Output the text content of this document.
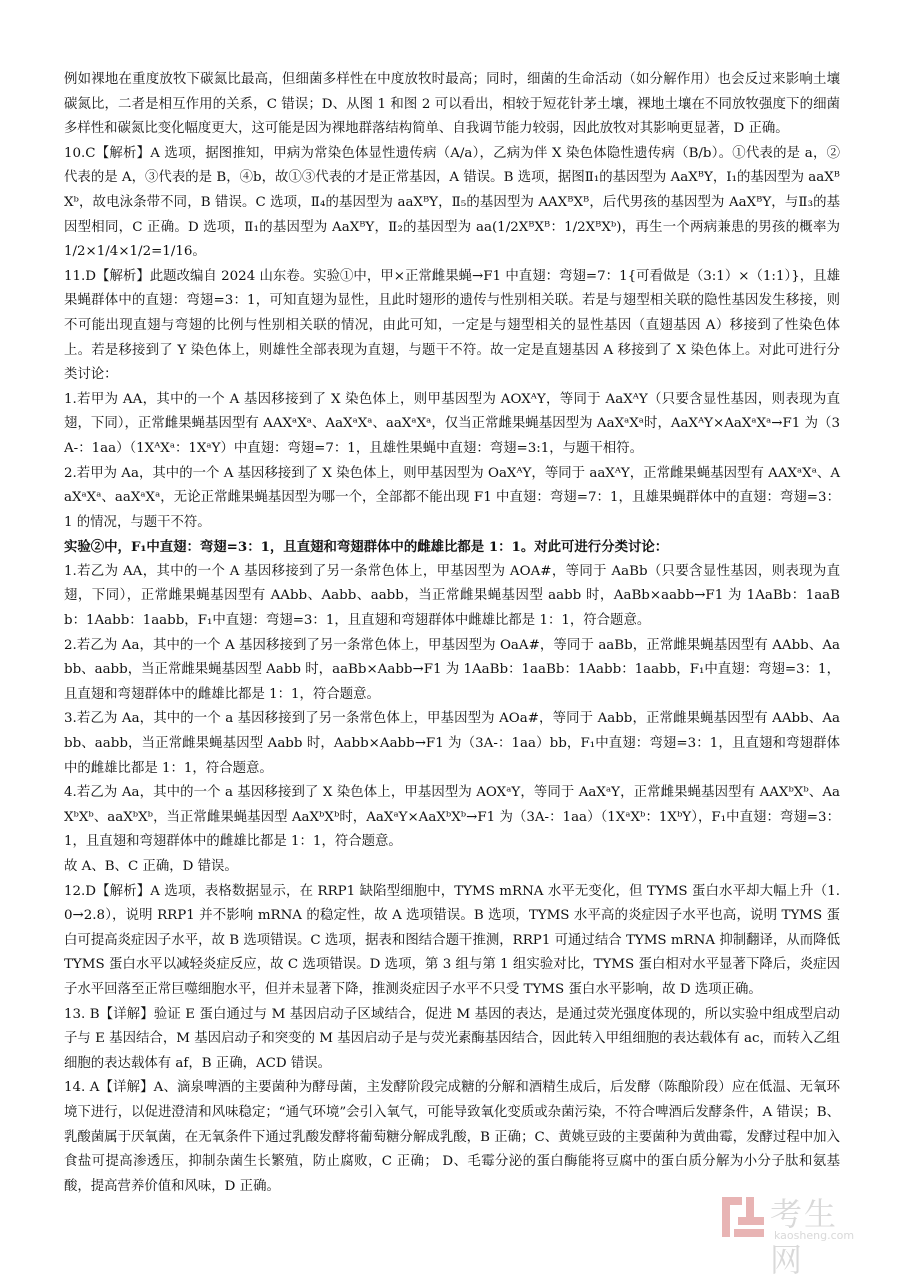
例如裸地在重度放牧下碳氮比最高，但细菌多样性在中度放牧时最高；同时，细菌的生命活动（如分解作用）也会反过来影响土壤碳氮比，二者是相互作用的关系，C 错误；D、从图 1 和图 2 可以看出，相较于短花针茅土壤，裸地土壤在不同放牧强度下的细菌多样性和碳氮比变化幅度更大，这可能是因为裸地群落结构简单、自我调节能力较弱，因此放牧对其影响更显著，D 正确。

10.C【解析】A 选项，据图推知，甲病为常染色体显性遗传病（A/a），乙病为伴 X 染色体隐性遗传病（B/b）。①代表的是 a，②代表的是 A，③代表的是 B，④b，故①③代表的才是正常基因，A 错误。B 选项，据图Ⅱ₁的基因型为 AaXᴮY，Ⅰ₁的基因型为 aaXᴮXᵇ，故电泳条带不同，B 错误。C 选项，Ⅱ₄的基因型为 aaXᴮY，Ⅱ₅的基因型为 AAXᴮXᴮ，后代男孩的基因型为 AaXᴮY，与Ⅱ₃的基因型相同，C 正确。D 选项，Ⅱ₁的基因型为 AaXᴮY，Ⅱ₂的基因型为 aa(1/2XᴮXᴮ：1/2XᴮXᵇ)，再生一个两病兼患的男孩的概率为 1/2×1/4×1/2=1/16。

11.D【解析】此题改编自 2024 山东卷。实验①中，甲×正常雌果蝇→F1 中直翅：弯翅=7：1{可看做是（3:1）×（1:1）}，且雄果蝇群体中的直翅：弯翅=3：1，可知直翅为显性，且此时翅形的遗传与性别相关联。若是与翅型相关联的隐性基因发生移接，则不可能出现直翅与弯翅的比例与性别相关联的情况，由此可知，一定是与翅型相关的显性基因（直翅基因 A）移接到了性染色体上。若是移接到了 Y 染色体上，则雄性全部表现为直翅，与题干不符。故一定是直翅基因 A 移接到了 X 染色体上。对此可进行分类讨论：

1.若甲为 AA，其中的一个 A 基因移接到了 X 染色体上，则甲基因型为 AOXᴬY，等同于 AaXᴬY（只要含显性基因，则表现为直翅，下同），正常雌果蝇基因型有 AAXᵃXᵃ、AaXᵃXᵃ、aaXᵃXᵃ，仅当正常雌果蝇基因型为 AaXᵃXᵃ时，AaXᴬY×AaXᵃXᵃ→F1 为（3A-：1aa）（1XᴬXᵃ：1XᵃY）中直翅：弯翅=7：1，且雄性果蝇中直翅：弯翅=3:1，与题干相符。

2.若甲为 Aa，其中的一个 A 基因移接到了 X 染色体上，则甲基因型为 OaXᴬY，等同于 aaXᴬY，正常雌果蝇基因型有 AAXᵃXᵃ、AaXᵃXᵃ、aaXᵃXᵃ，无论正常雌果蝇基因型为哪一个，全部都不能出现 F1 中直翅：弯翅=7：1，且雄果蝇群体中的直翅：弯翅=3：1 的情况，与题干不符。

实验②中，F₁中直翅：弯翅=3：1，且直翅和弯翅群体中的雌雄比都是 1：1。对此可进行分类讨论：

1.若乙为 AA，其中的一个 A 基因移接到了另一条常色体上，甲基因型为 AOA#，等同于 AaBb（只要含显性基因，则表现为直翅，下同），正常雌果蝇基因型有 AAbb、Aabb、aabb，当正常雌果蝇基因型 aabb 时，AaBb×aabb→F1 为 1AaBb：1aaBb：1Aabb：1aabb，F₁中直翅：弯翅=3：1，且直翅和弯翅群体中雌雄比都是 1：1，符合题意。

2.若乙为 Aa，其中的一个 A 基因移接到了另一条常色体上，甲基因型为 OaA#，等同于 aaBb，正常雌果蝇基因型有 AAbb、Aabb、aabb，当正常雌果蝇基因型 Aabb 时，aaBb×Aabb→F1 为 1AaBb：1aaBb：1Aabb：1aabb，F₁中直翅：弯翅=3：1，且直翅和弯翅群体中的雌雄比都是 1：1，符合题意。

3.若乙为 Aa，其中的一个 a 基因移接到了另一条常色体上，甲基因型为 AOa#，等同于 Aabb，正常雌果蝇基因型有 AAbb、Aabb、aabb，当正常雌果蝇基因型 Aabb 时，Aabb×Aabb→F1 为（3A-：1aa）bb，F₁中直翅：弯翅=3：1，且直翅和弯翅群体中的雌雄比都是 1：1，符合题意。

4.若乙为 Aa，其中的一个 a 基因移接到了 X 染色体上，甲基因型为 AOXᵃY，等同于 AaXᵃY，正常雌果蝇基因型有 AAXᵇXᵇ、AaXᵇXᵇ、aaXᵇXᵇ，当正常雌果蝇基因型 AaXᵇXᵇ时，AaXᵃY×AaXᵇXᵇ→F1 为（3A-：1aa）（1XᵃXᵇ：1XᵇY），F₁中直翅：弯翅=3：1，且直翅和弯翅群体中的雌雄比都是 1：1，符合题意。

故 A、B、C 正确，D 错误。

12.D【解析】A 选项，表格数据显示，在 RRP1 缺陷型细胞中，TYMS mRNA 水平无变化，但 TYMS 蛋白水平却大幅上升（1.0→2.8），说明 RRP1 并不影响 mRNA 的稳定性，故 A 选项错误。B 选项，TYMS 水平高的炎症因子水平也高，说明 TYMS 蛋白可提高炎症因子水平，故 B 选项错误。C 选项，据表和图结合题干推测，RRP1 可通过结合 TYMS mRNA 抑制翻译，从而降低 TYMS 蛋白水平以减轻炎症反应，故 C 选项错误。D 选项，第 3 组与第 1 组实验对比，TYMS 蛋白相对水平显著下降后，炎症因子水平回落至正常巨噬细胞水平，但并未显著下降，推测炎症因子水平不只受 TYMS 蛋白水平影响，故 D 选项正确。

13. B【详解】验证 E 蛋白通过与 M 基因启动子区域结合，促进 M 基因的表达，是通过荧光强度体现的，所以实验中组成型启动子与 E 基因结合，M 基因启动子和突变的 M 基因启动子是与荧光素酶基因结合，因此转入甲组细胞的表达载体有 ac，而转入乙组细胞的表达载体有 af，B 正确，ACD 错误。

14. A【详解】A、滴泉啤酒的主要菌种为酵母菌，主发酵阶段完成糖的分解和酒精生成后，后发酵（陈酿阶段）应在低温、无氧环境下进行，以促进澄清和风味稳定；“通气环境”会引入氧气，可能导致氧化变质或杂菌污染，不符合啤酒后发酵条件，A 错误；B、乳酸菌属于厌氧菌，在无氧条件下通过乳酸发酵将葡萄糖分解成乳酸，B 正确；C、黄姚豆豉的主要菌种为黄曲霉，发酵过程中加入食盐可提高渗透压，抑制杂菌生长繁殖，防止腐败，C 正确； D、毛霉分泌的蛋白酶能将豆腐中的蛋白质分解为小分子肽和氨基酸，提高营养价值和风味，D 正确。

考生网
kaosheng.com
